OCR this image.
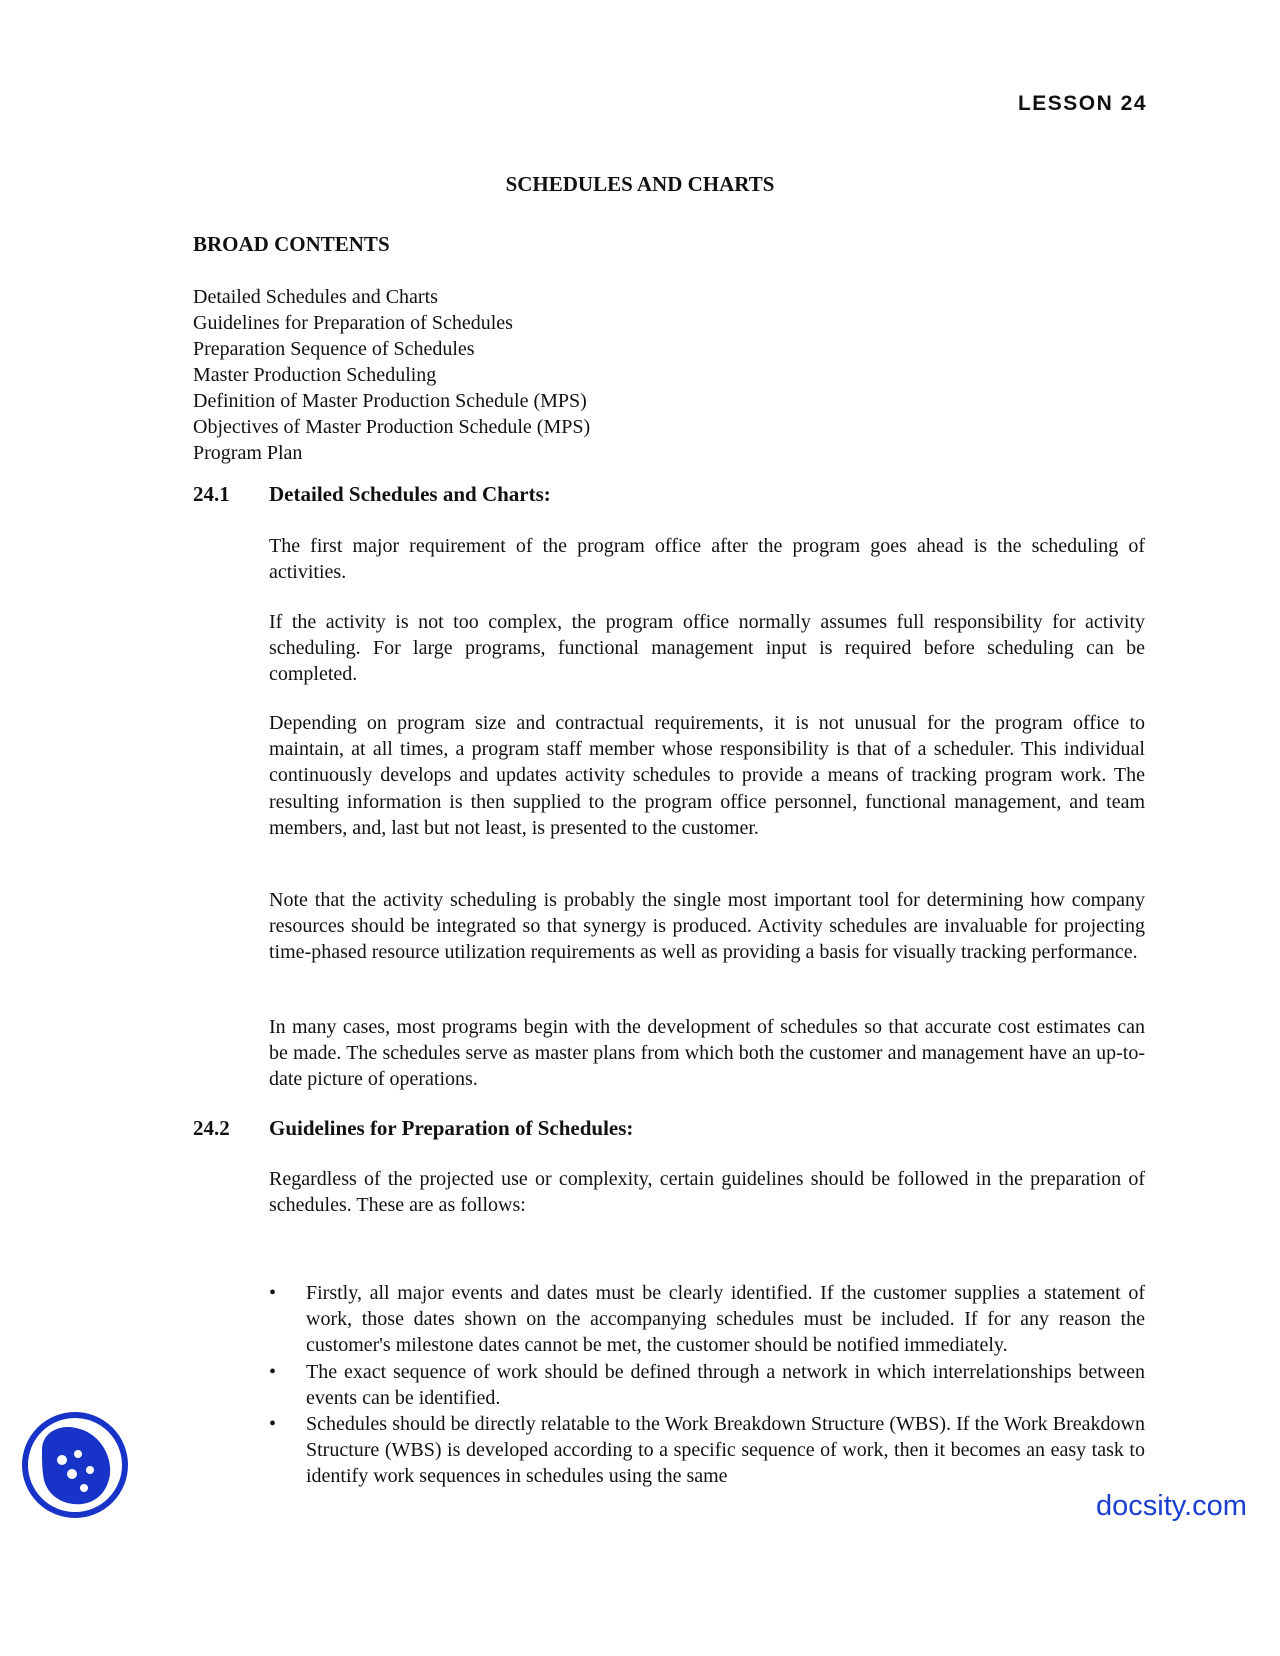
LESSON 24
SCHEDULES AND CHARTS
BROAD CONTENTS
Detailed Schedules and Charts
Guidelines for Preparation of Schedules
Preparation Sequence of Schedules
Master Production Scheduling
Definition of Master Production Schedule (MPS)
Objectives of Master Production Schedule (MPS)
Program Plan
24.1 Detailed Schedules and Charts:

The first major requirement of the program office after the program goes ahead is the scheduling of activities.

If the activity is not too complex, the program office normally assumes full responsibility for activity scheduling. For large programs, functional management input is required before scheduling can be completed.

Depending on program size and contractual requirements, it is not unusual for the program office to maintain, at all times, a program staff member whose responsibility is that of a scheduler. This individual continuously develops and updates activity schedules to provide a means of tracking program work. The resulting information is then supplied to the program office personnel, functional management, and team members, and, last but not least, is presented to the customer.

Note that the activity scheduling is probably the single most important tool for determining how company resources should be integrated so that synergy is produced. Activity schedules are invaluable for projecting time-phased resource utilization requirements as well as providing a basis for visually tracking performance.

In many cases, most programs begin with the development of schedules so that accurate cost estimates can be made. The schedules serve as master plans from which both the customer and management have an up-to-date picture of operations.

24.2 Guidelines for Preparation of Schedules:

Regardless of the projected use or complexity, certain guidelines should be followed in the preparation of schedules. These are as follows:

• Firstly, all major events and dates must be clearly identified. If the customer supplies a statement of work, those dates shown on the accompanying schedules must be included. If for any reason the customer's milestone dates cannot be met, the customer should be notified immediately.
• The exact sequence of work should be defined through a network in which interrelationships between events can be identified.
• Schedules should be directly relatable to the Work Breakdown Structure (WBS). If the Work Breakdown Structure (WBS) is developed according to a specific sequence of work, then it becomes an easy task to identify work sequences in schedules using the same
docsity.com
